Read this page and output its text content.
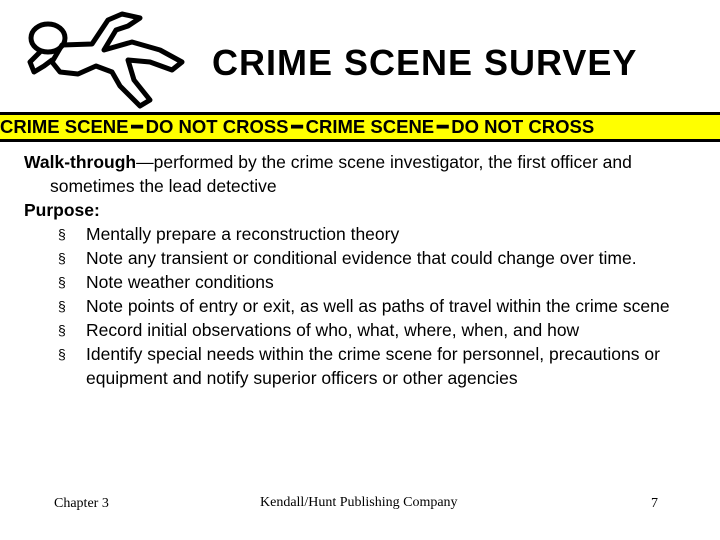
CRIME SCENE SURVEY
CRIME SCENE ━ DO NOT CROSS ━ CRIME SCENE ━ DO NOT CROSS

Walk-through—performed by the crime scene investigator, the first officer and sometimes the lead detective

Purpose:

§ Mentally prepare a reconstruction theory
§ Note any transient or conditional evidence that could change over time.
§ Note weather conditions
§ Note points of entry or exit, as well as paths of travel within the crime scene
§ Record initial observations of who, what, where, when, and how
§ Identify special needs within the crime scene for personnel, precautions or equipment and notify superior officers or other agencies
Chapter 3	Kendall/Hunt Publishing Company	7
